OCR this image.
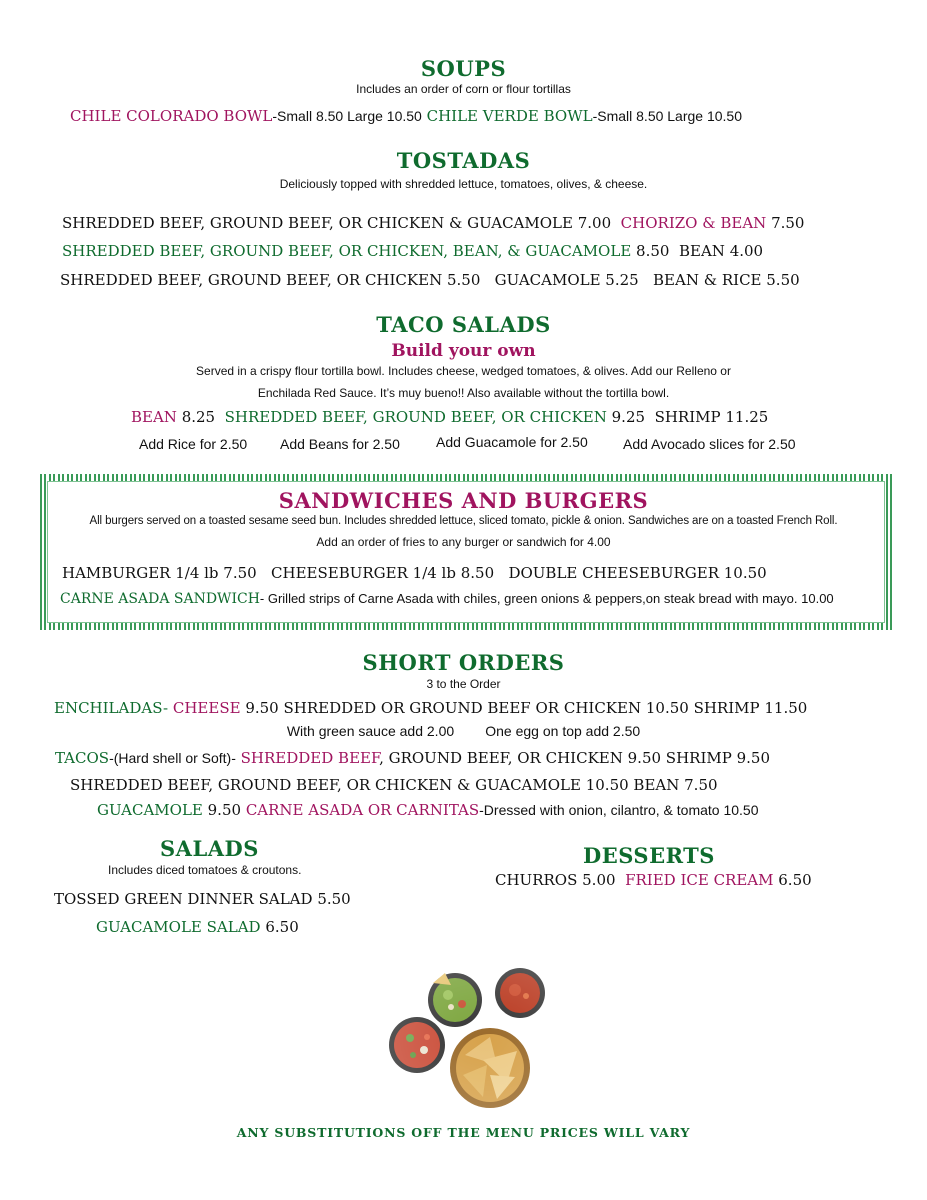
SOUPS
Includes an order of corn or flour tortillas
CHILE COLORADO BOWL-Small 8.50 Large 10.50 CHILE VERDE BOWL-Small 8.50 Large 10.50
TOSTADAS
Deliciously topped with shredded lettuce, tomatoes, olives, & cheese.
SHREDDED BEEF, GROUND BEEF, OR CHICKEN & GUACAMOLE 7.00 CHORIZO & BEAN 7.50
SHREDDED BEEF, GROUND BEEF, OR CHICKEN, BEAN, & GUACAMOLE 8.50 BEAN 4.00
SHREDDED BEEF, GROUND BEEF, OR CHICKEN 5.50 GUACAMOLE 5.25 BEAN & RICE 5.50
TACO SALADS
Build your own
Served in a crispy flour tortilla bowl. Includes cheese, wedged tomatoes, & olives. Add our Relleno or
Enchilada Red Sauce. It’s muy bueno!! Also available without the tortilla bowl.
BEAN 8.25 SHREDDED BEEF, GROUND BEEF, OR CHICKEN 9.25 SHRIMP 11.25
Add Rice for 2.50 Add Beans for 2.50	Add Guacamole for 2.50	Add Avocado slices for 2.50
SANDWICHES AND BURGERS
All burgers served on a toasted sesame seed bun. Includes shredded lettuce, sliced tomato, pickle & onion. Sandwiches are on a toasted French Roll.
Add an order of fries to any burger or sandwich for 4.00
HAMBURGER 1/4 lb 7.50 CHEESEBURGER 1/4 lb 8.50 DOUBLE CHEESEBURGER 10.50
CARNE ASADA SANDWICH- Grilled strips of Carne Asada with chiles, green onions & peppers,on steak bread with mayo. 10.00
SHORT ORDERS
3 to the Order
ENCHILADAS- CHEESE 9.50 SHREDDED OR GROUND BEEF OR CHICKEN 10.50 SHRIMP 11.50
With green sauce add 2.00        One egg on top add 2.50
TACOS-(Hard shell or Soft)- SHREDDED BEEF, GROUND BEEF, OR CHICKEN 9.50 SHRIMP 9.50
SHREDDED BEEF, GROUND BEEF, OR CHICKEN & GUACAMOLE 10.50 BEAN 7.50
GUACAMOLE 9.50 CARNE ASADA OR CARNITAS-Dressed with onion, cilantro, & tomato 10.50
SALADS
Includes diced tomatoes & croutons.
TOSSED GREEN DINNER SALAD 5.50
GUACAMOLE SALAD 6.50
DESSERTS
CHURROS 5.00 FRIED ICE CREAM 6.50
ANY SUBSTITUTIONS OFF THE MENU PRICES WILL VARY
